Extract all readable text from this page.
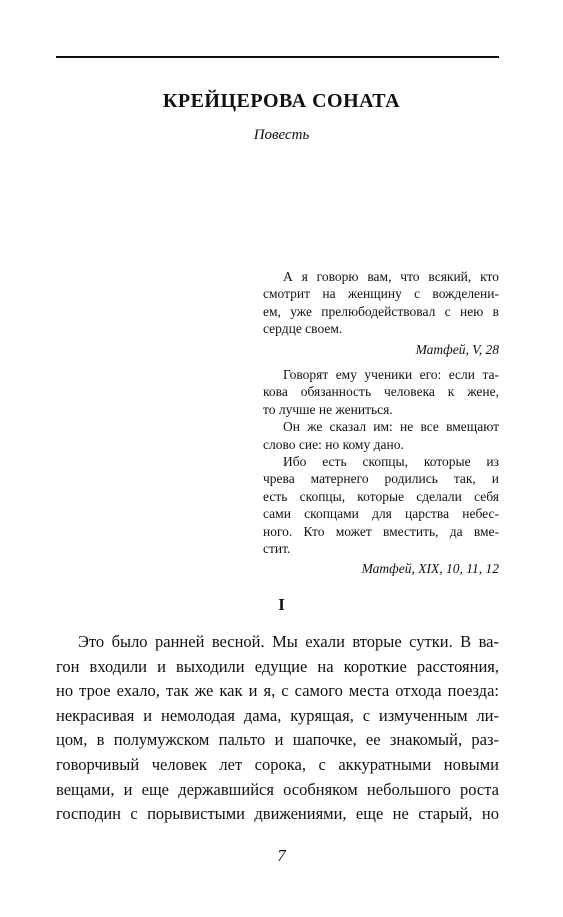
КРЕЙЦЕРОВА СОНАТА
Повесть
А я говорю вам, что всякий, кто
смотрит на женщину с вожделени-
ем, уже прелюбодействовал с нею в
сердце своем.
Матфей, V, 28
Говорят ему ученики его: если та-
кова обязанность человека к жене,
то лучше не жениться.
Он же сказал им: не все вмещают
слово сие: но кому дано.
Ибо есть скопцы, которые из
чрева матернего родились так, и
есть скопцы, которые сделали себя
сами скопцами для царства небес-
ного. Кто может вместить, да вме-
стит.
Матфей, XIX, 10, 11, 12
I
Это было ранней весной. Мы ехали вторые сутки. В ва-
гон входили и выходили едущие на короткие расстояния,
но трое ехало, так же как и я, с самого места отхода поезда:
некрасивая и немолодая дама, курящая, с измученным ли-
цом, в полумужском пальто и шапочке, ее знакомый, раз-
говорчивый человек лет сорока, с аккуратными новыми
вещами, и еще державшийся особняком небольшого роста
господин с порывистыми движениями, еще не старый, но
7
